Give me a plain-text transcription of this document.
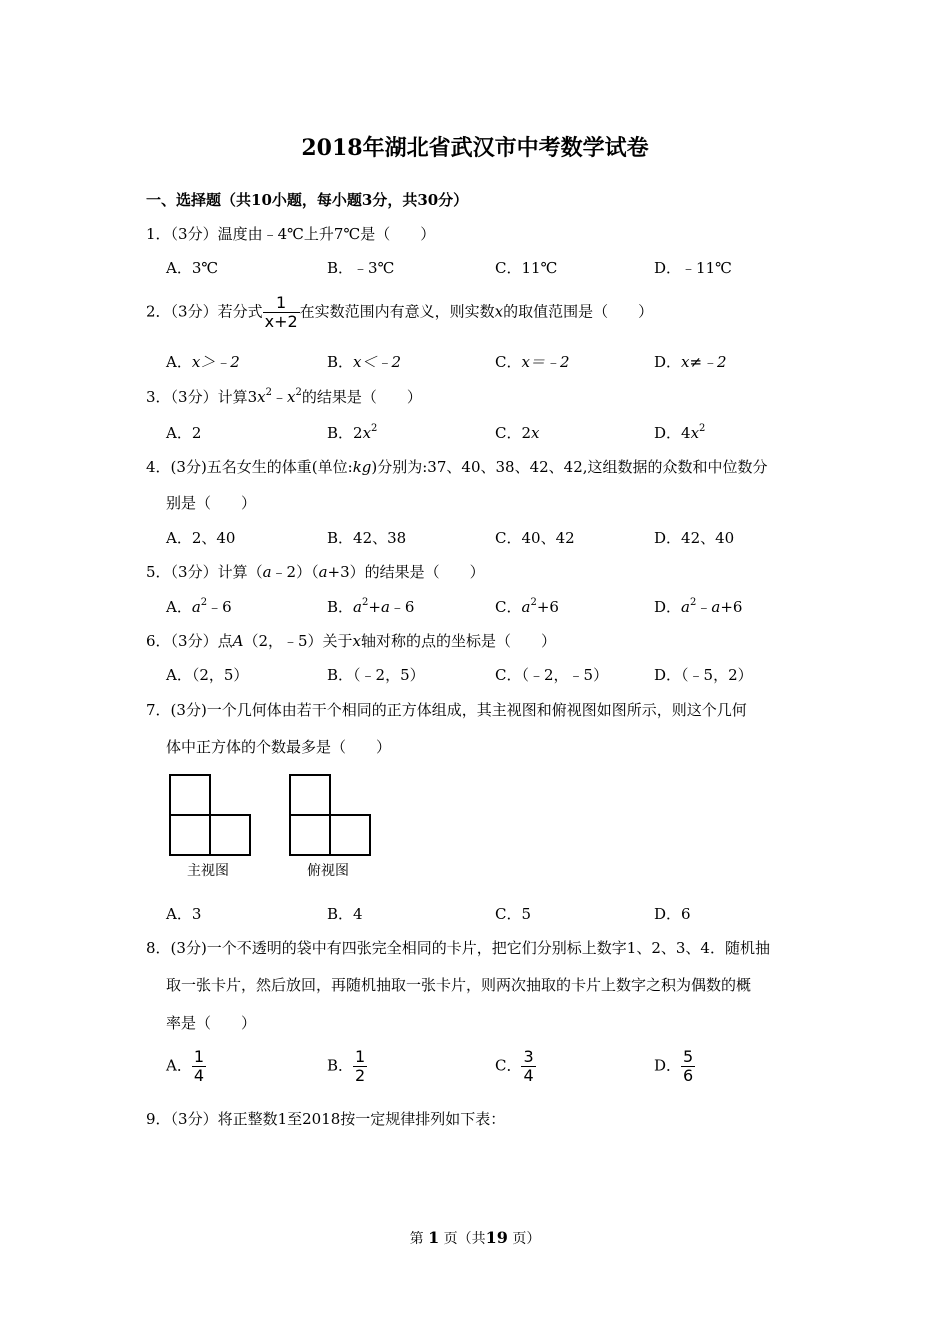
2018年湖北省武汉市中考数学试卷
一、选择题（共10小题，每小题3分，共30分）
1．（3分）温度由﹣4℃上升7℃是（　　）
A．3℃	B．﹣3℃	C．11℃	D．﹣11℃
2．（3分）若分式 $\frac{1}{x+2}$ 在实数范围内有意义，则实数x的取值范围是（　　）
A．x＞﹣2	B．x＜﹣2	C．x＝﹣2	D．x≠﹣2
3．（3分）计算$3x^2﹣x^2$的结果是（　　）
A．2	B．$2x^2$	C．2x	D．$4x^2$
4．(3分)五名女生的体重(单位:kg)分别为:37、40、38、42、42,这组数据的众数和中位数分
别是（　　）
A．2、40	B．42、38	C．40、42	D．42、40
5．（3分）计算（a﹣2）（a+3）的结果是（　　）
A．$a^2﹣6$	B．$a^2+a﹣6$	C．$a^2+6$	D．$a^2﹣a+6$
6．（3分）点A（2，﹣5）关于x轴对称的点的坐标是（　　）
A．（2，5）	B．（﹣2，5）	C．（﹣2，﹣5）	D．（﹣5，2）
7．(3分)一个几何体由若干个相同的正方体组成，其主视图和俯视图如图所示，则这个几何
体中正方体的个数最多是（　　）
主视图	俯视图
A．3	B．4	C．5	D．6
8．(3分)一个不透明的袋中有四张完全相同的卡片，把它们分别标上数字1、2、3、4．随机抽
取一张卡片，然后放回，再随机抽取一张卡片，则两次抽取的卡片上数字之积为偶数的概
率是（　　）
A． $\frac{1}{4}$	B． $\frac{1}{2}$	C． $\frac{3}{4}$	D． $\frac{5}{6}$
9．（3分）将正整数1至2018按一定规律排列如下表：
第 1 页（共19 页）
